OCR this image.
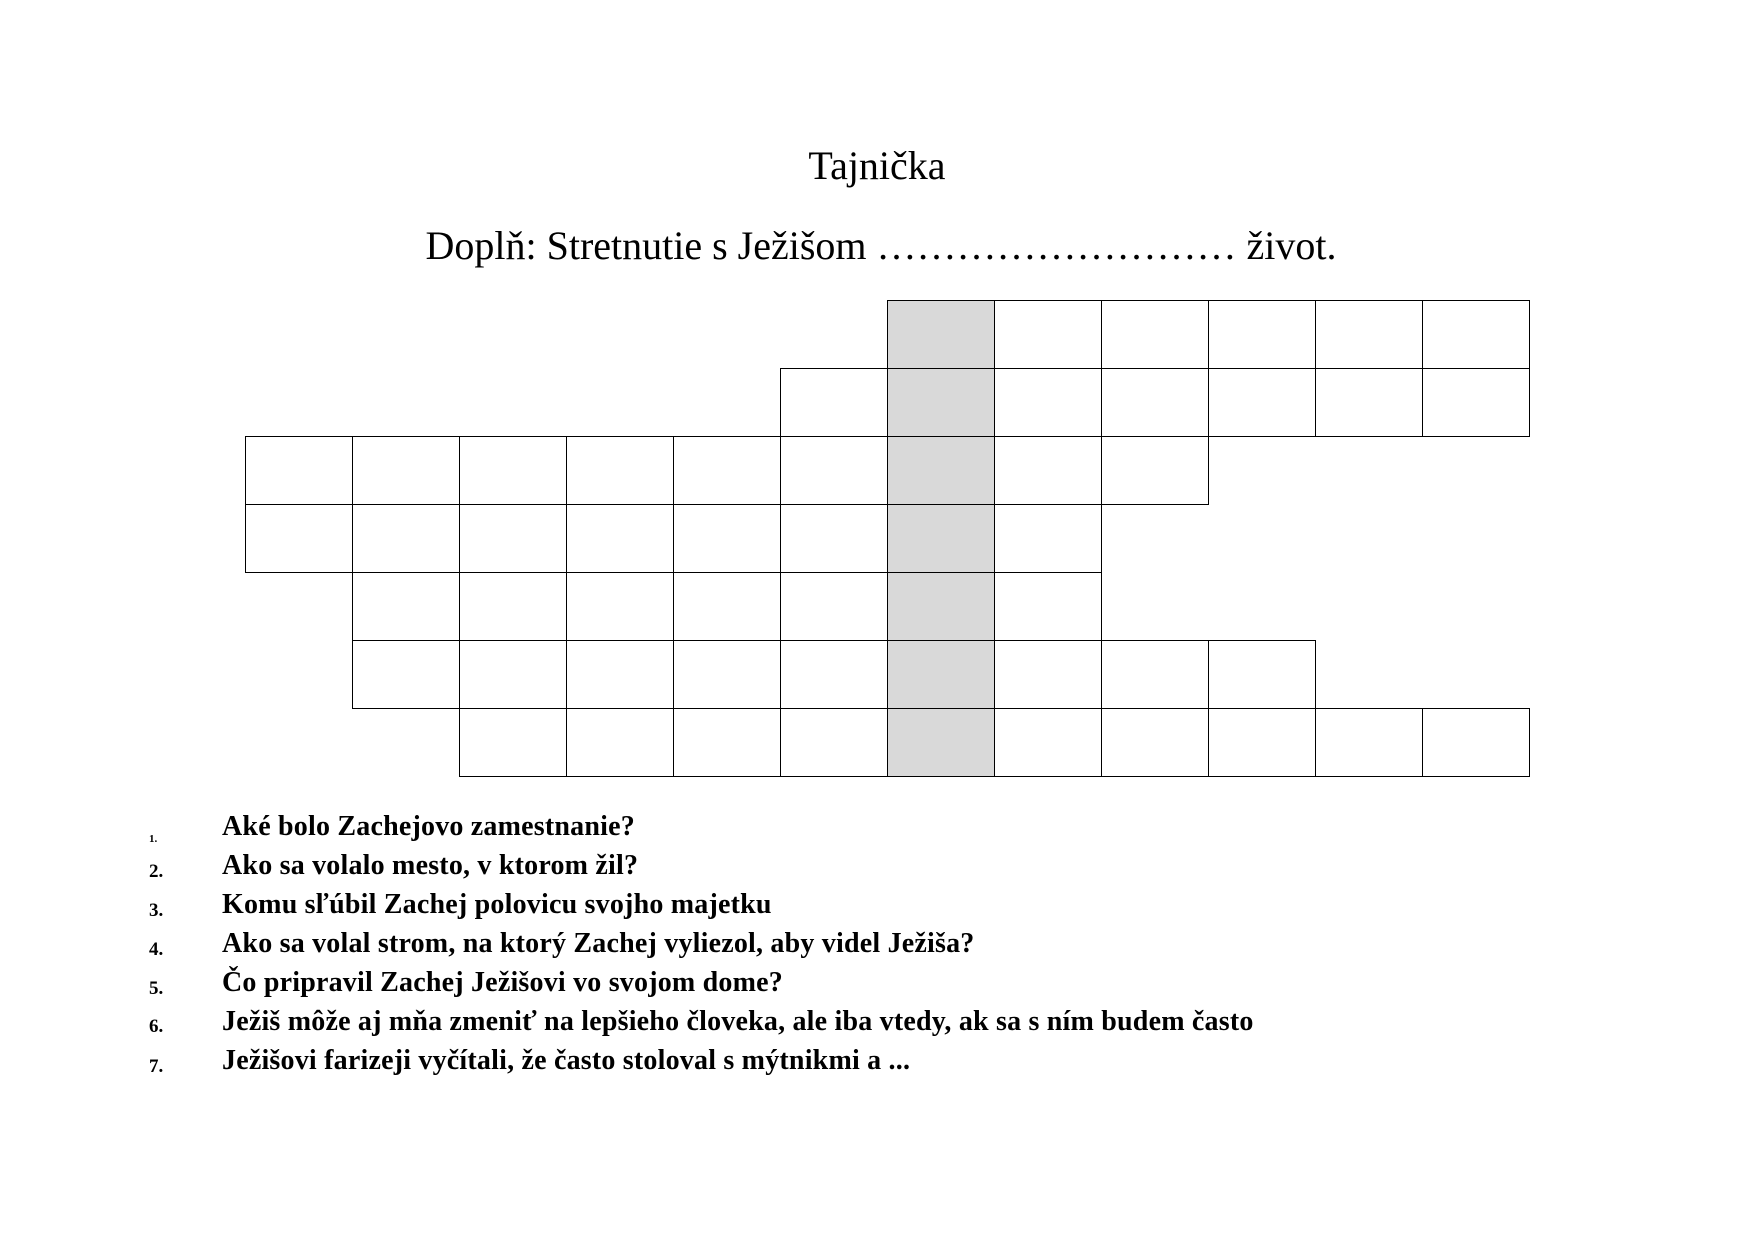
Tajnička
Doplň: Stretnutie s Ježišom ……………………… život.
1. Aké bolo Zachejovo zamestnanie?
2. Ako sa volalo mesto, v ktorom žil?
3. Komu sľúbil Zachej polovicu svojho majetku
4. Ako sa volal strom, na ktorý Zachej vyliezol, aby videl Ježiša?
5. Čo pripravil Zachej Ježišovi vo svojom dome?
6. Ježiš môže aj mňa zmeniť na lepšieho človeka, ale iba vtedy, ak sa s ním budem často
7. Ježišovi farizeji vyčítali, že často stoloval s mýtnikmi a ...
